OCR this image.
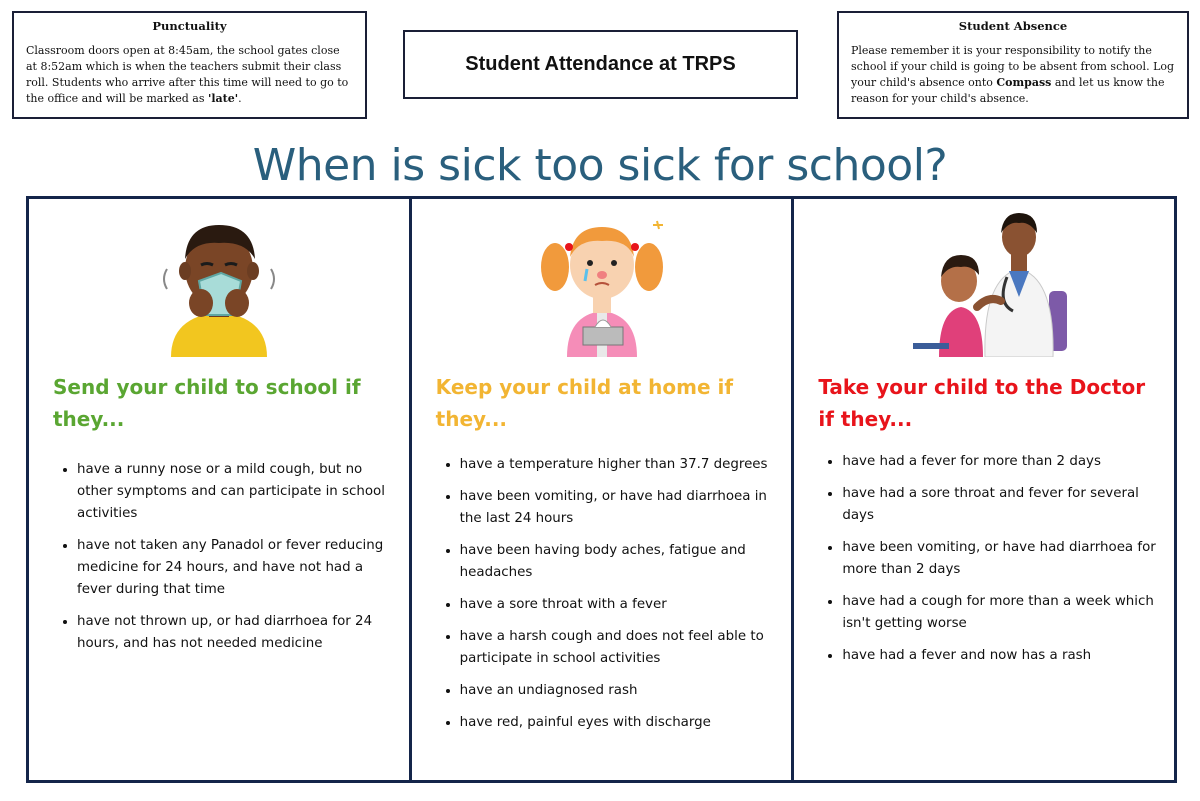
Punctuality
Classroom doors open at 8:45am, the school gates close at 8:52am which is when the teachers submit their class roll. Students who arrive after this time will need to go to the office and will be marked as 'late'.
Student Attendance at TRPS
Student Absence
Please remember it is your responsibility to notify the school if your child is going to be absent from school. Log your child's absence onto Compass and let us know the reason for your child's absence.
When is sick too sick for school?
Send your child to school if they...
• have a runny nose or a mild cough, but no other symptoms and can participate in school activities
• have not taken any Panadol or fever reducing medicine for 24 hours, and have not had a fever during that time
• have not thrown up, or had diarrhoea for 24 hours, and has not needed medicine
Keep your child at home if they...
• have a temperature higher than 37.7 degrees
• have been vomiting, or have had diarrhoea in the last 24 hours
• have been having body aches, fatigue and headaches
• have a sore throat with a fever
• have a harsh cough and does not feel able to participate in school activities
• have an undiagnosed rash
• have red, painful eyes with discharge
Take your child to the Doctor if they...
• have had a fever for more than 2 days
• have had a sore throat and fever for several days
• have been vomiting, or have had diarrhoea for more than 2 days
• have had a cough for more than a week which isn't getting worse
• have had a fever and now has a rash
